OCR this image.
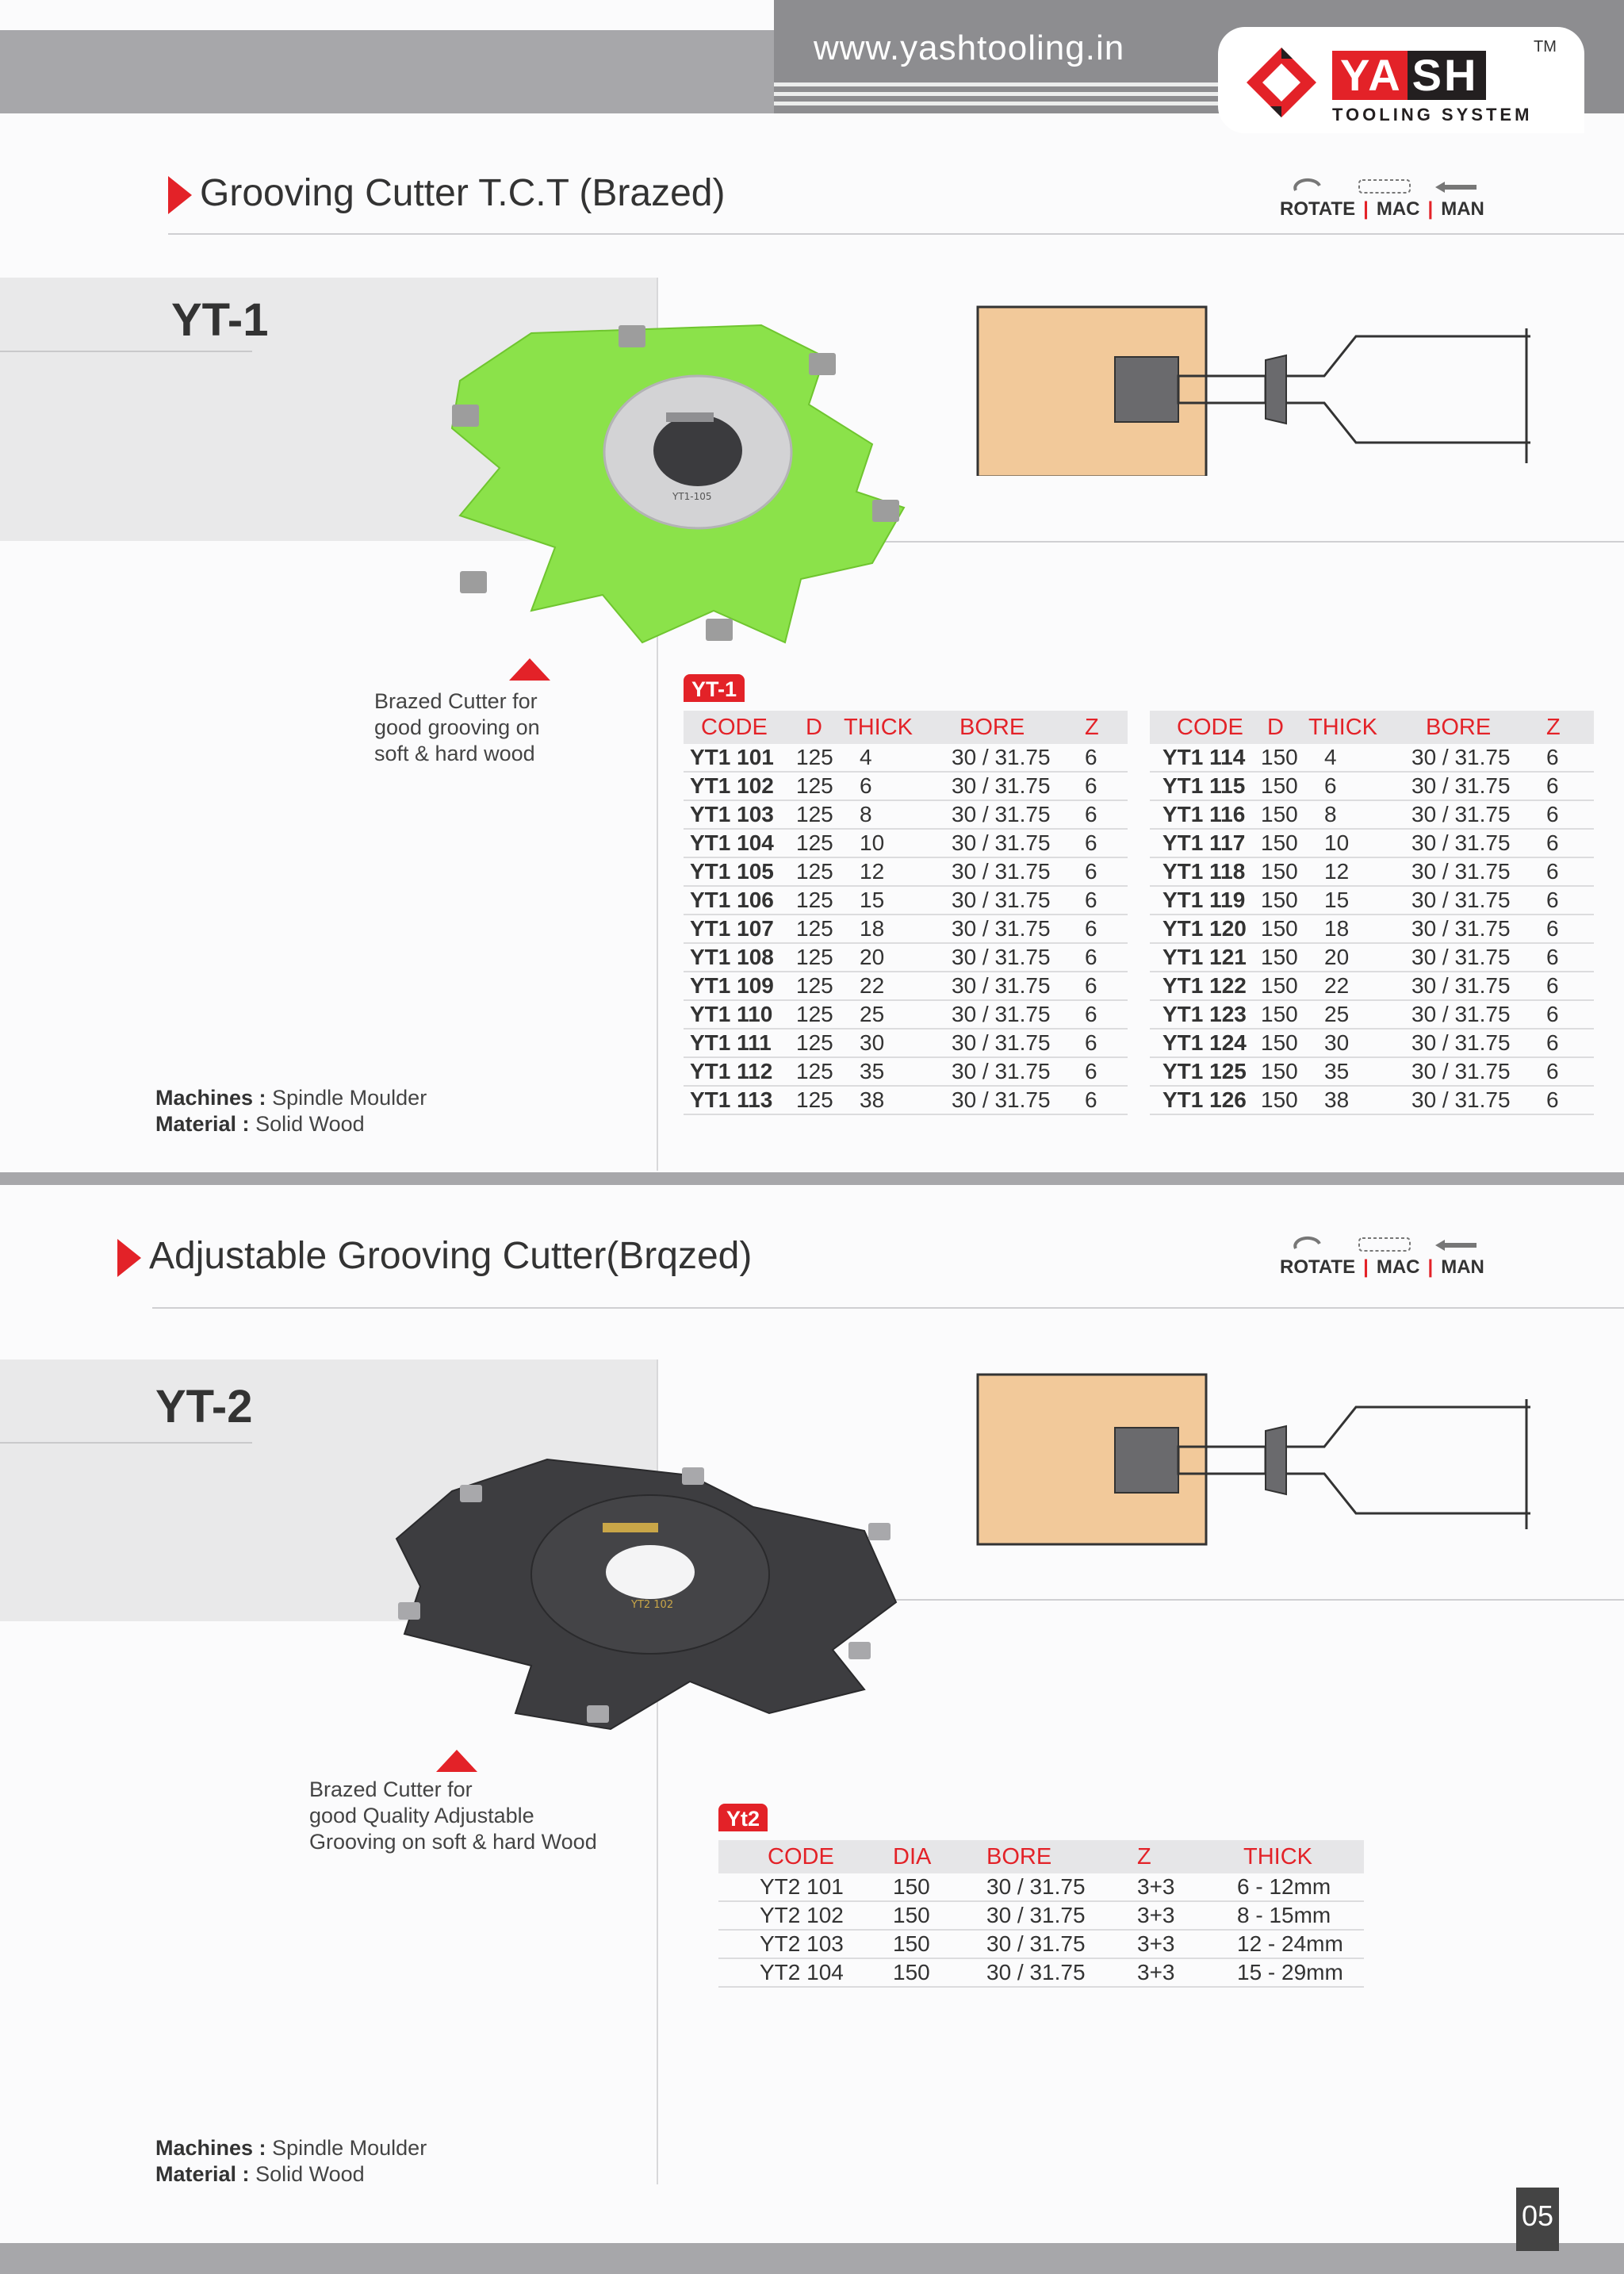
www.yashtooling.in
YA SH
TOOLING SYSTEM
TM
Grooving Cutter T.C.T (Brazed)	ROTATE | MAC | MAN
YT-1
YT1-105
Brazed Cutter for
good grooving on
soft & hard wood
YT-1
CODE	D	THICK	BORE	Z
YT1 101	125	4	30 / 31.75	6
YT1 102	125	6	30 / 31.75	6
YT1 103	125	8	30 / 31.75	6
YT1 104	125	10	30 / 31.75	6
YT1 105	125	12	30 / 31.75	6
YT1 106	125	15	30 / 31.75	6
YT1 107	125	18	30 / 31.75	6
YT1 108	125	20	30 / 31.75	6
YT1 109	125	22	30 / 31.75	6
YT1 110	125	25	30 / 31.75	6
YT1 111	125	30	30 / 31.75	6
YT1 112	125	35	30 / 31.75	6
YT1 113	125	38	30 / 31.75	6
CODE	D	THICK	BORE	Z
YT1 114	150	4	30 / 31.75	6
YT1 115	150	6	30 / 31.75	6
YT1 116	150	8	30 / 31.75	6
YT1 117	150	10	30 / 31.75	6
YT1 118	150	12	30 / 31.75	6
YT1 119	150	15	30 / 31.75	6
YT1 120	150	18	30 / 31.75	6
YT1 121	150	20	30 / 31.75	6
YT1 122	150	22	30 / 31.75	6
YT1 123	150	25	30 / 31.75	6
YT1 124	150	30	30 / 31.75	6
YT1 125	150	35	30 / 31.75	6
YT1 126	150	38	30 / 31.75	6
Machines : Spindle Moulder
Material : Solid Wood
Adjustable Grooving Cutter(Brqzed)	ROTATE | MAC | MAN
YT-2
YT2 102
Brazed Cutter for
good Quality Adjustable
Grooving on soft & hard Wood
Yt2
CODE	DIA	BORE	Z	THICK
YT2 101	150	30 / 31.75	3+3	6 - 12mm
YT2 102	150	30 / 31.75	3+3	8 - 15mm
YT2 103	150	30 / 31.75	3+3	12 - 24mm
YT2 104	150	30 / 31.75	3+3	15 - 29mm
Machines : Spindle Moulder
Material : Solid Wood
05
